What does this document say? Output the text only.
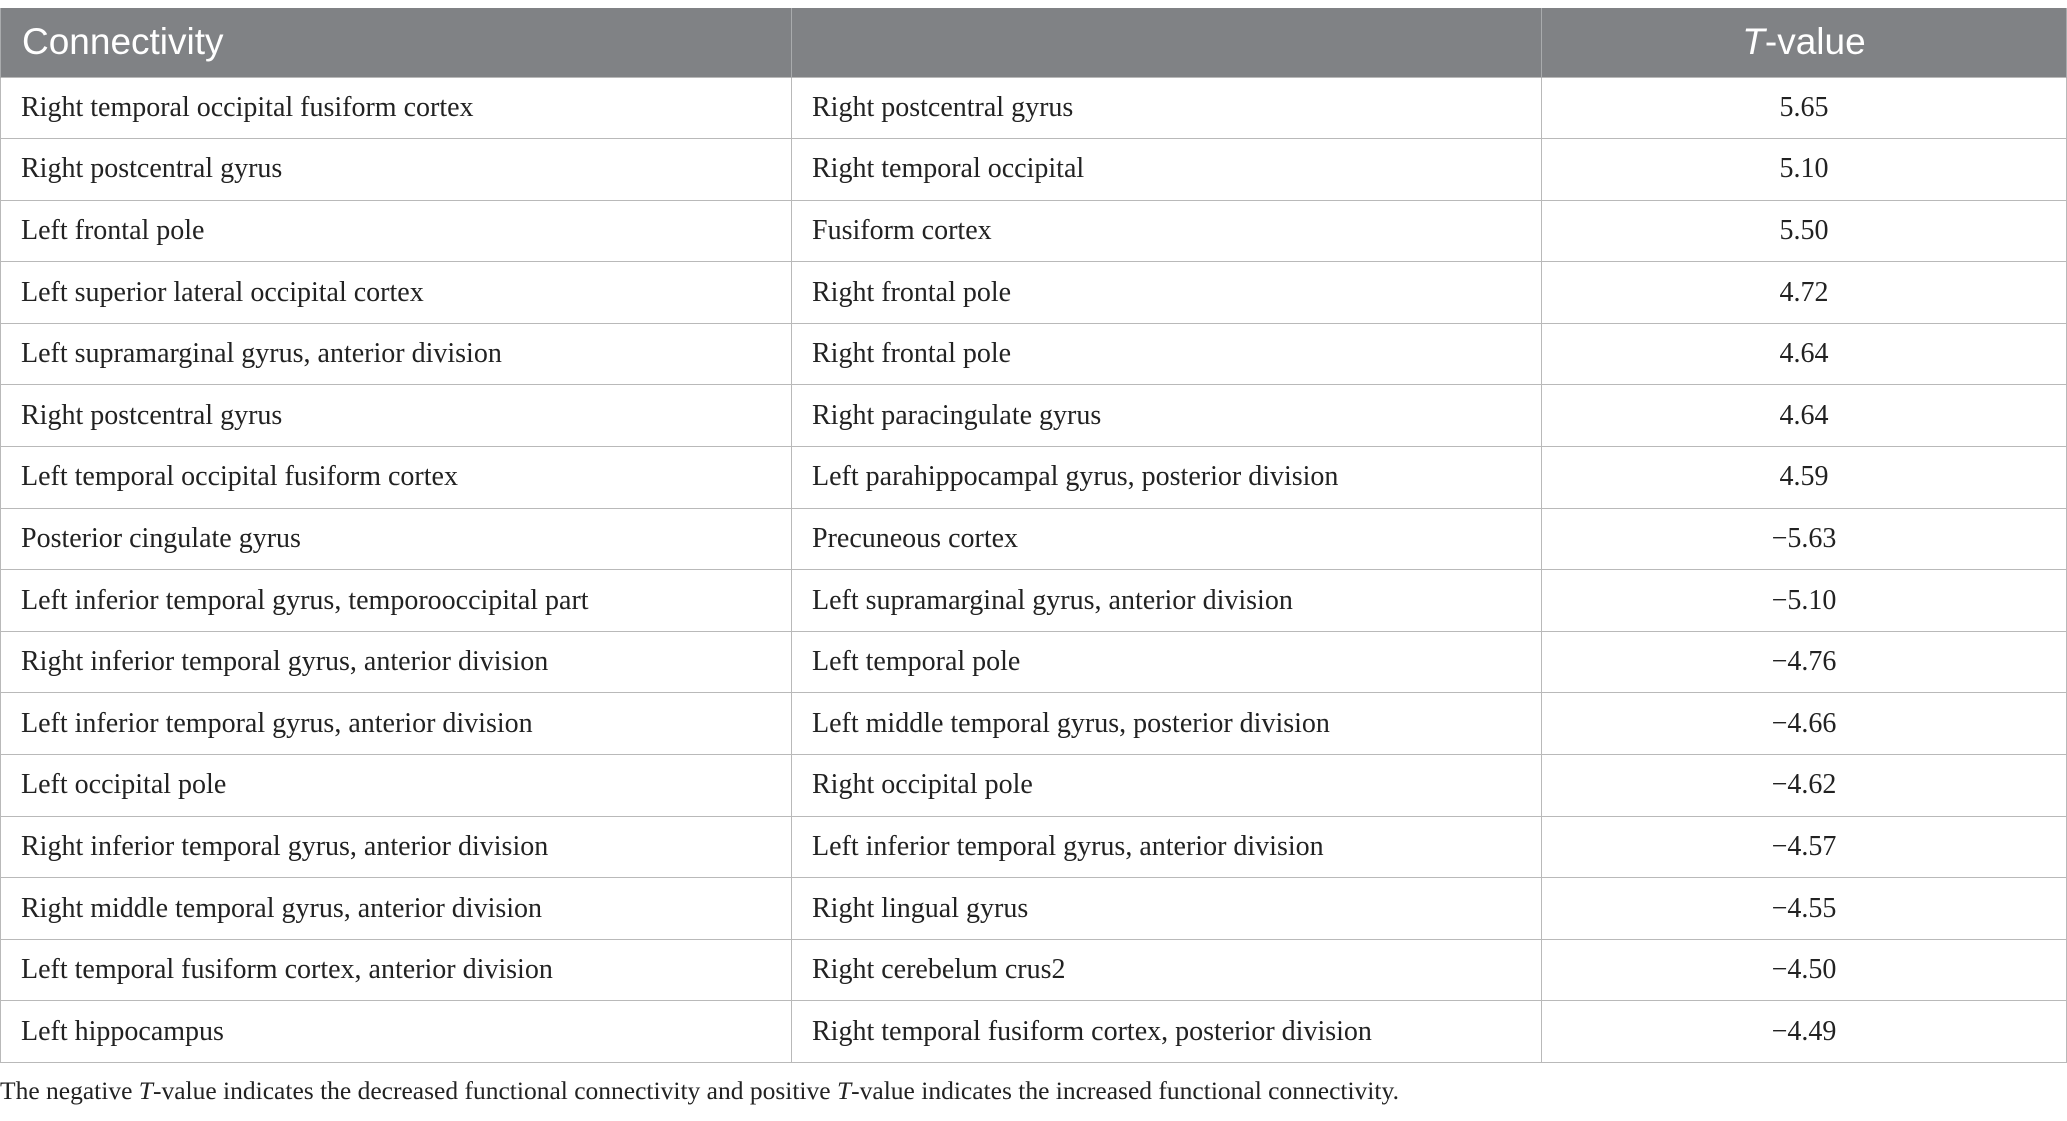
Connectivity		T-value
Right temporal occipital fusiform cortex	Right postcentral gyrus	5.65
Right postcentral gyrus	Right temporal occipital	5.10
Left frontal pole	Fusiform cortex	5.50
Left superior lateral occipital cortex	Right frontal pole	4.72
Left supramarginal gyrus, anterior division	Right frontal pole	4.64
Right postcentral gyrus	Right paracingulate gyrus	4.64
Left temporal occipital fusiform cortex	Left parahippocampal gyrus, posterior division	4.59
Posterior cingulate gyrus	Precuneous cortex	−5.63
Left inferior temporal gyrus, temporooccipital part	Left supramarginal gyrus, anterior division	−5.10
Right inferior temporal gyrus, anterior division	Left temporal pole	−4.76
Left inferior temporal gyrus, anterior division	Left middle temporal gyrus, posterior division	−4.66
Left occipital pole	Right occipital pole	−4.62
Right inferior temporal gyrus, anterior division	Left inferior temporal gyrus, anterior division	−4.57
Right middle temporal gyrus, anterior division	Right lingual gyrus	−4.55
Left temporal fusiform cortex, anterior division	Right cerebelum crus2	−4.50
Left hippocampus	Right temporal fusiform cortex, posterior division	−4.49
The negative T-value indicates the decreased functional connectivity and positive T-value indicates the increased functional connectivity.
